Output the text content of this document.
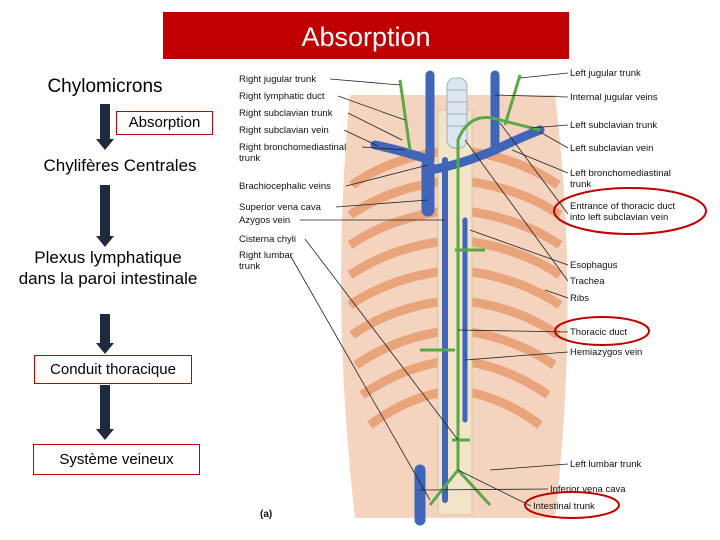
Absorption
Chylomicrons
Absorption
Chylifères Centrales
Plexus lymphatique dans la paroi intestinale
Conduit thoracique
Système veineux
Right jugular trunk
Right lymphatic duct
Right subclavian trunk
Right subclavian vein
Right bronchomediastinal
trunk
Brachiocephalic veins
Superior vena cava
Azygos vein
Cisterna chyli
Right lumbar
trunk
Left jugular trunk
Internal jugular veins
Left subclavian trunk
Left subclavian vein
Left bronchomediastinal
trunk
Entrance of thoracic duct
into left subclavian vein
Esophagus
Trachea
Ribs
Thoracic duct
Hemiazygos vein
Left lumbar trunk
Inferior vena cava
Intestinal trunk
(a)
